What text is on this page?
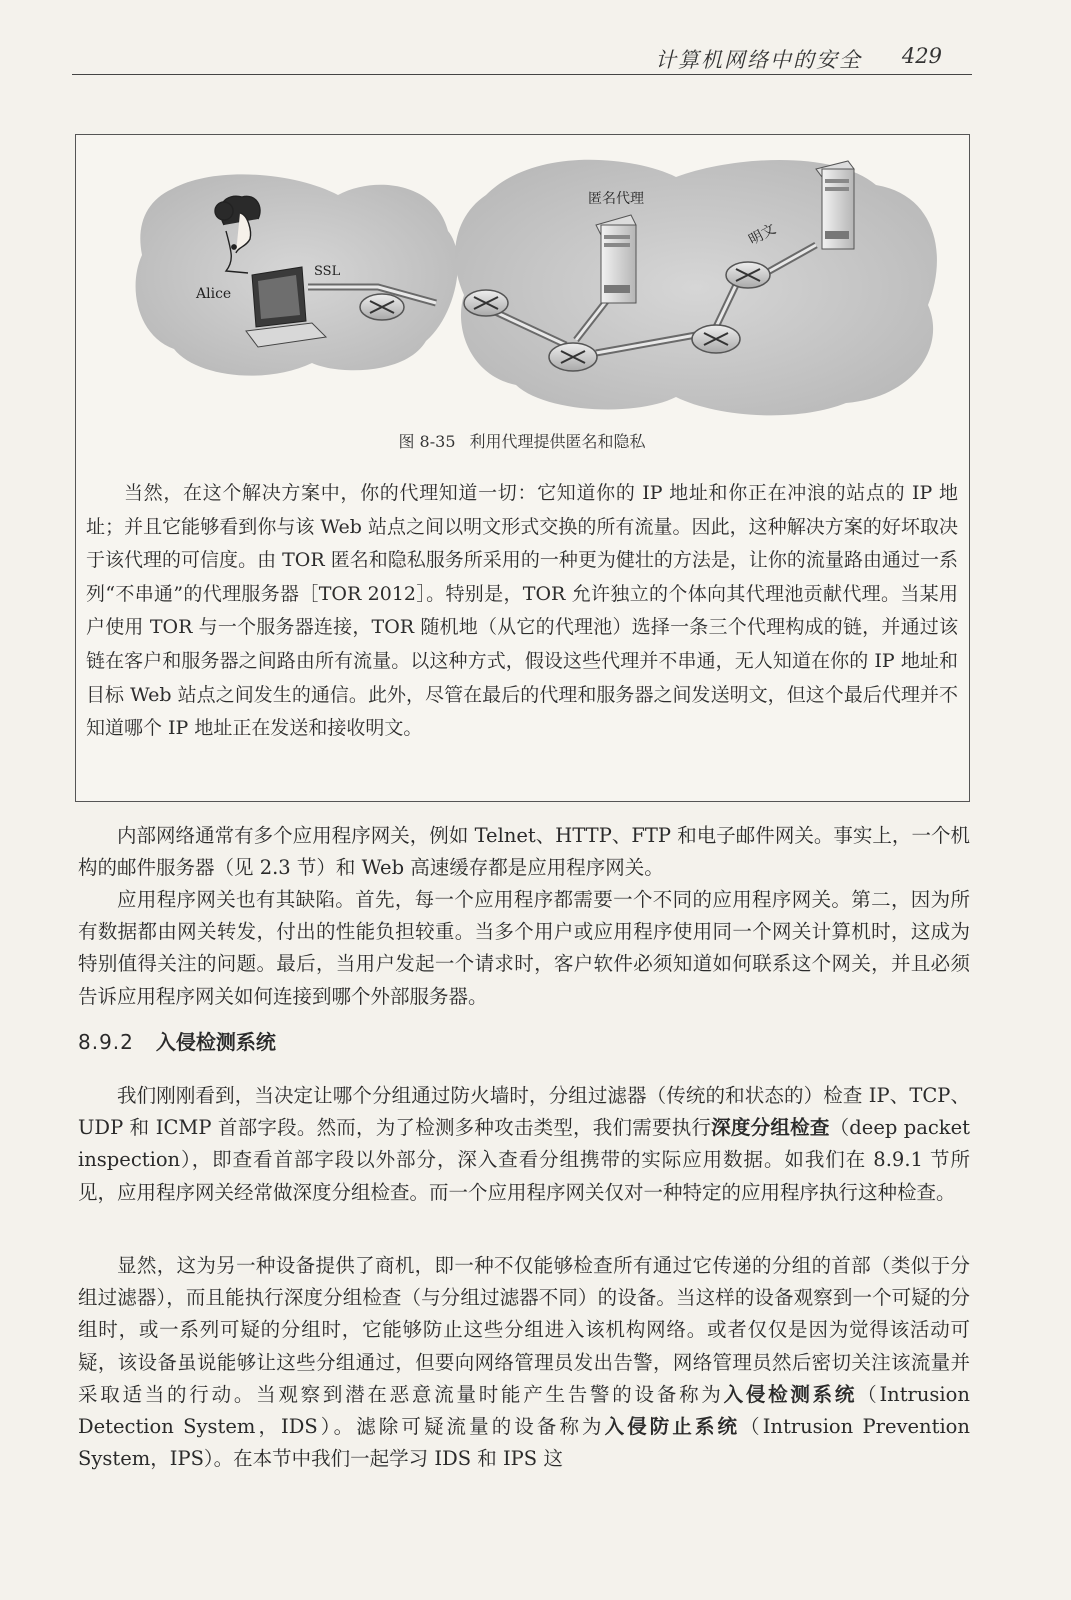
计算机网络中的安全 429
Alice
SSL
匿名代理
明文
图 8-35 利用代理提供匿名和隐私
当然，在这个解决方案中，你的代理知道一切：它知道你的 IP 地址和你正在冲浪的站点的 IP 地址；并且它能够看到你与该 Web 站点之间以明文形式交换的所有流量。因此，这种解决方案的好坏取决于该代理的可信度。由 TOR 匿名和隐私服务所采用的一种更为健壮的方法是，让你的流量路由通过一系列“不串通”的代理服务器［TOR 2012］。特别是，TOR 允许独立的个体向其代理池贡献代理。当某用户使用 TOR 与一个服务器连接，TOR 随机地（从它的代理池）选择一条三个代理构成的链，并通过该链在客户和服务器之间路由所有流量。以这种方式，假设这些代理并不串通，无人知道在你的 IP 地址和目标 Web 站点之间发生的通信。此外，尽管在最后的代理和服务器之间发送明文，但这个最后代理并不知道哪个 IP 地址正在发送和接收明文。
内部网络通常有多个应用程序网关，例如 Telnet、HTTP、FTP 和电子邮件网关。事实上，一个机构的邮件服务器（见 2.3 节）和 Web 高速缓存都是应用程序网关。
应用程序网关也有其缺陷。首先，每一个应用程序都需要一个不同的应用程序网关。第二，因为所有数据都由网关转发，付出的性能负担较重。当多个用户或应用程序使用同一个网关计算机时，这成为特别值得关注的问题。最后，当用户发起一个请求时，客户软件必须知道如何联系这个网关，并且必须告诉应用程序网关如何连接到哪个外部服务器。
8.9.2 入侵检测系统
我们刚刚看到，当决定让哪个分组通过防火墙时，分组过滤器（传统的和状态的）检查 IP、TCP、UDP 和 ICMP 首部字段。然而，为了检测多种攻击类型，我们需要执行深度分组检查（deep packet inspection），即查看首部字段以外部分，深入查看分组携带的实际应用数据。如我们在 8.9.1 节所见，应用程序网关经常做深度分组检查。而一个应用程序网关仅对一种特定的应用程序执行这种检查。
显然，这为另一种设备提供了商机，即一种不仅能够检查所有通过它传递的分组的首部（类似于分组过滤器），而且能执行深度分组检查（与分组过滤器不同）的设备。当这样的设备观察到一个可疑的分组时，或一系列可疑的分组时，它能够防止这些分组进入该机构网络。或者仅仅是因为觉得该活动可疑，该设备虽说能够让这些分组通过，但要向网络管理员发出告警，网络管理员然后密切关注该流量并采取适当的行动。当观察到潜在恶意流量时能产生告警的设备称为入侵检测系统（Intrusion Detection System，IDS）。滤除可疑流量的设备称为入侵防止系统（Intrusion Prevention System，IPS）。在本节中我们一起学习 IDS 和 IPS 这
